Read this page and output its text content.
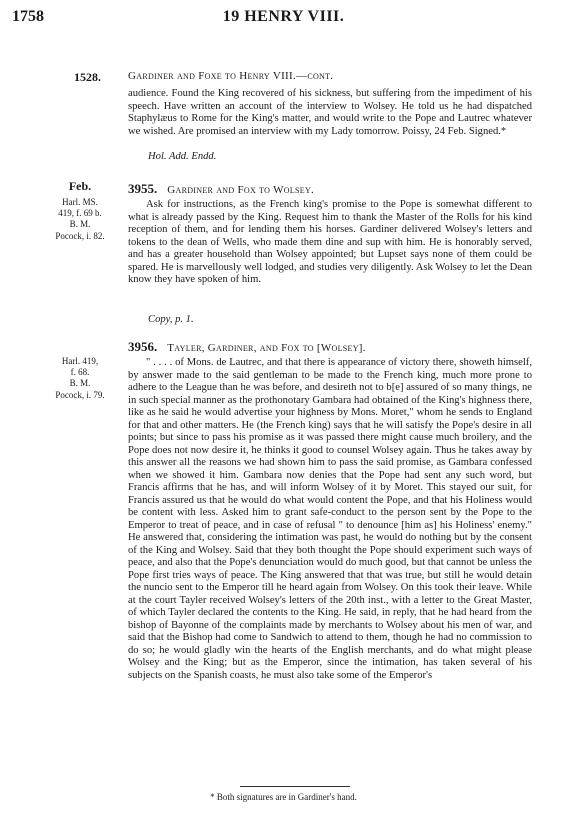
1758	19 HENRY VIII.
1528. Gardiner and Foxe to Henry VIII.—cont.
audience. Found the King recovered of his sickness, but suffering from the impediment of his speech. Have written an account of the interview to Wolsey. He told us he had dispatched Staphylæus to Rome for the King's matter, and would write to the Pope and Lautrec whatever we wished. Are promised an interview with my Lady tomorrow. Poissy, 24 Feb. Signed.*
Hol. Add. Endd.
Feb.
Harl. MS.
419, f. 69 b.
B. M.
Pocock, i. 82.
3955. Gardiner and Fox to Wolsey.
Ask for instructions, as the French king's promise to the Pope is somewhat different to what is already passed by the King. Request him to thank the Master of the Rolls for his kind reception of them, and for lending them his horses. Gardiner delivered Wolsey's letters and tokens to the dean of Wells, who made them dine and sup with him. He is honorably served, and has a greater household than Wolsey appointed; but Lupset says none of them could be spared. He is marvellously well lodged, and studies very diligently. Ask Wolsey to let the Dean know they have spoken of him.
Copy, p. 1.
Harl. 419,
f. 68.
B. M.
Pocock, i. 79.
3956. Tayler, Gardiner, and Fox to [Wolsey].
" . . . . of Mons. de Lautrec, and that there is appearance of victory there, showeth himself, by answer made to the said gentleman to be made to the French king, much more prone to adhere to the League than he was before, and desireth not to b[e] assured of so many things, ne in such special manner as the prothonotary Gambara had obtained of the King's highness there, like as he said he would advertise your highness by Mons. Moret," whom he sends to England for that and other matters. He (the French king) says that he will satisfy the Pope's desire in all points; but since to pass his promise as it was passed there might cause much broilery, and the Pope does not now desire it, he thinks it good to counsel Wolsey again. Thus he takes away by this answer all the reasons we had shown him to pass the said promise, as Gambara confessed when we showed it him. Gambara now denies that the Pope had sent any such word, but Francis affirms that he has, and will inform Wolsey of it by Moret. This stayed our suit, for Francis assured us that he would do what would content the Pope, and that his Holiness would be content with less. Asked him to grant safe-conduct to the person sent by the Pope to the Emperor to treat of peace, and in case of refusal " to denounce [him as] his Holiness' enemy." He answered that, considering the intimation was past, he would do nothing but by the consent of the King and Wolsey. Said that they both thought the Pope should experiment such ways of peace, and also that the Pope's denunciation would do much good, but that cannot be unless the Pope first tries ways of peace. The King answered that that was true, but still he would detain the nuncio sent to the Emperor till he heard again from Wolsey. On this took their leave. While at the court Tayler received Wolsey's letters of the 20th inst., with a letter to the Great Master, of which Tayler declared the contents to the King. He said, in reply, that he had heard from the bishop of Bayonne of the complaints made by merchants to Wolsey about his men of war, and said that the Bishop had come to Sandwich to attend to them, though he had no commission to do so; he would gladly win the hearts of the English merchants, and do what might please Wolsey and the King; but as the Emperor, since the intimation, has taken several of his subjects on the Spanish coasts, he must also take some of the Emperor's
* Both signatures are in Gardiner's hand.
